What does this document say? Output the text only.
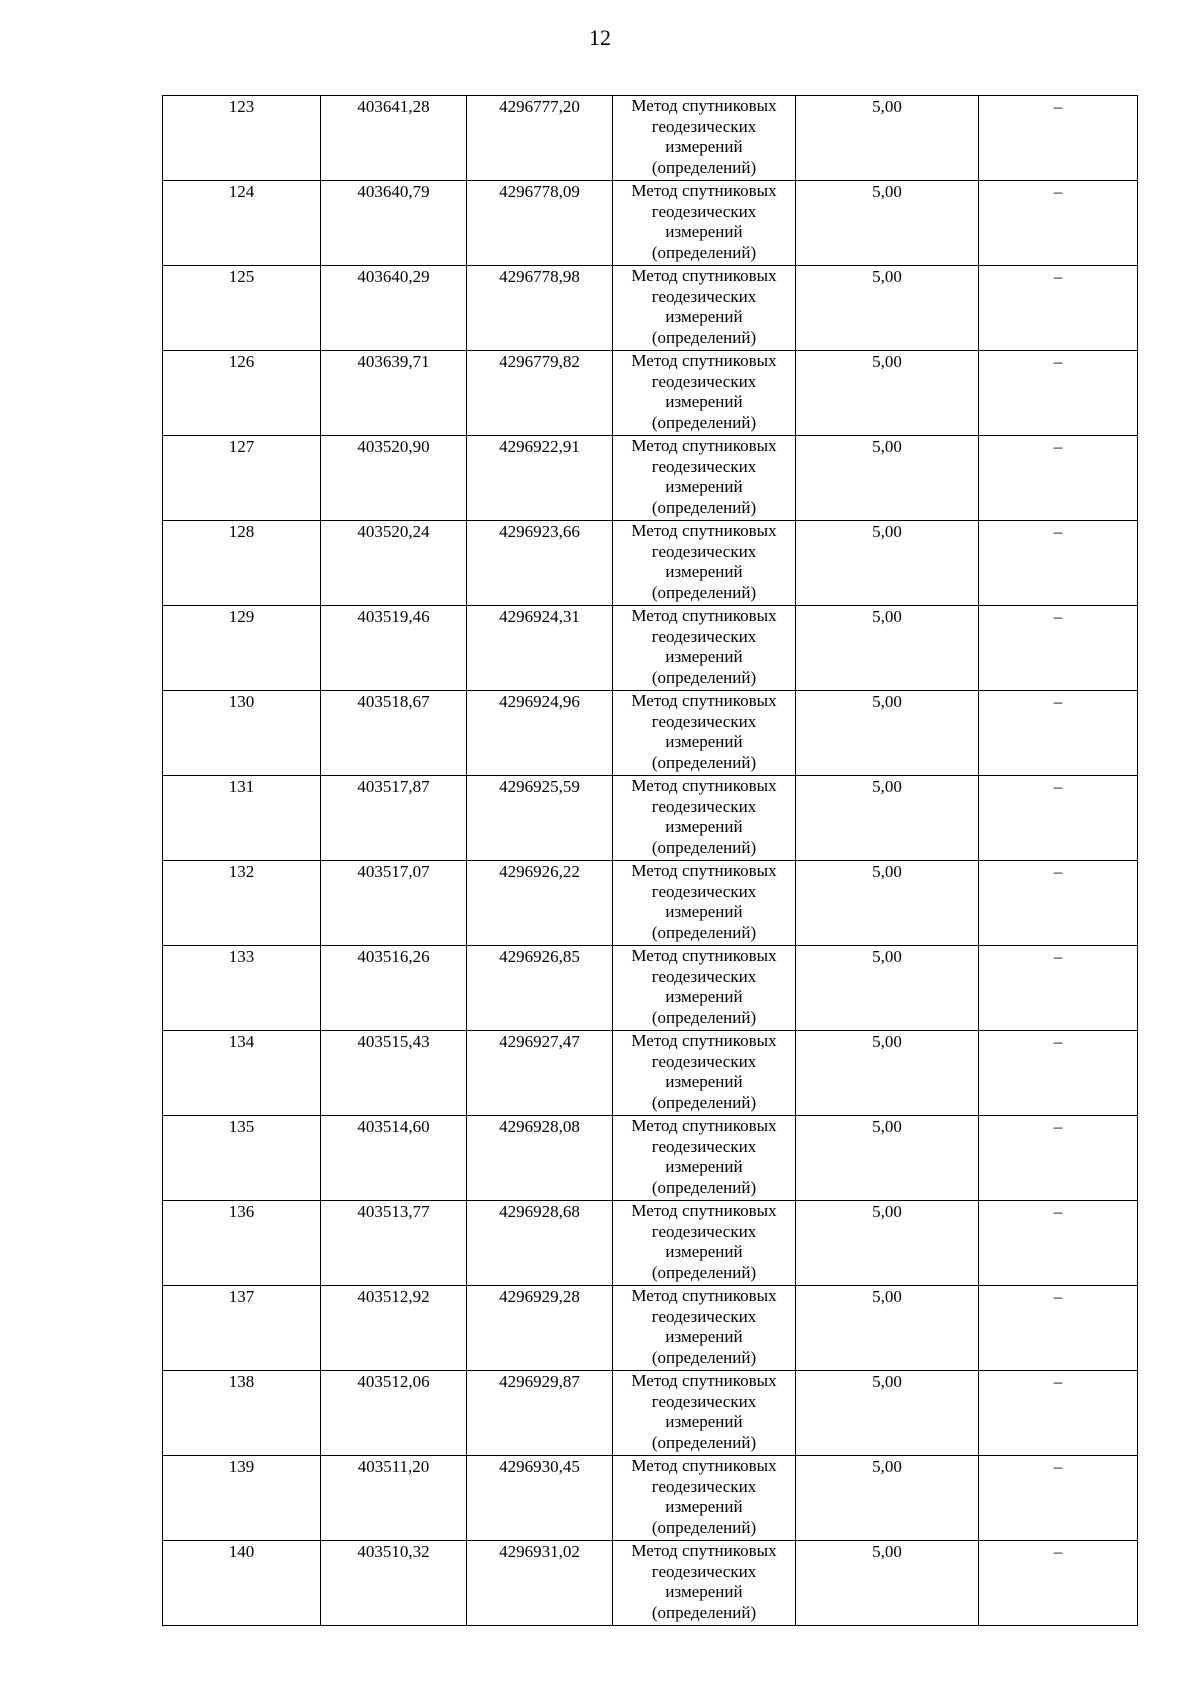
12
123	403641,28	4296777,20	Метод спутниковых геодезических измерений (определений)	5,00	–
124	403640,79	4296778,09	Метод спутниковых геодезических измерений (определений)	5,00	–
125	403640,29	4296778,98	Метод спутниковых геодезических измерений (определений)	5,00	–
126	403639,71	4296779,82	Метод спутниковых геодезических измерений (определений)	5,00	–
127	403520,90	4296922,91	Метод спутниковых геодезических измерений (определений)	5,00	–
128	403520,24	4296923,66	Метод спутниковых геодезических измерений (определений)	5,00	–
129	403519,46	4296924,31	Метод спутниковых геодезических измерений (определений)	5,00	–
130	403518,67	4296924,96	Метод спутниковых геодезических измерений (определений)	5,00	–
131	403517,87	4296925,59	Метод спутниковых геодезических измерений (определений)	5,00	–
132	403517,07	4296926,22	Метод спутниковых геодезических измерений (определений)	5,00	–
133	403516,26	4296926,85	Метод спутниковых геодезических измерений (определений)	5,00	–
134	403515,43	4296927,47	Метод спутниковых геодезических измерений (определений)	5,00	–
135	403514,60	4296928,08	Метод спутниковых геодезических измерений (определений)	5,00	–
136	403513,77	4296928,68	Метод спутниковых геодезических измерений (определений)	5,00	–
137	403512,92	4296929,28	Метод спутниковых геодезических измерений (определений)	5,00	–
138	403512,06	4296929,87	Метод спутниковых геодезических измерений (определений)	5,00	–
139	403511,20	4296930,45	Метод спутниковых геодезических измерений (определений)	5,00	–
140	403510,32	4296931,02	Метод спутниковых геодезических измерений (определений)	5,00	–
